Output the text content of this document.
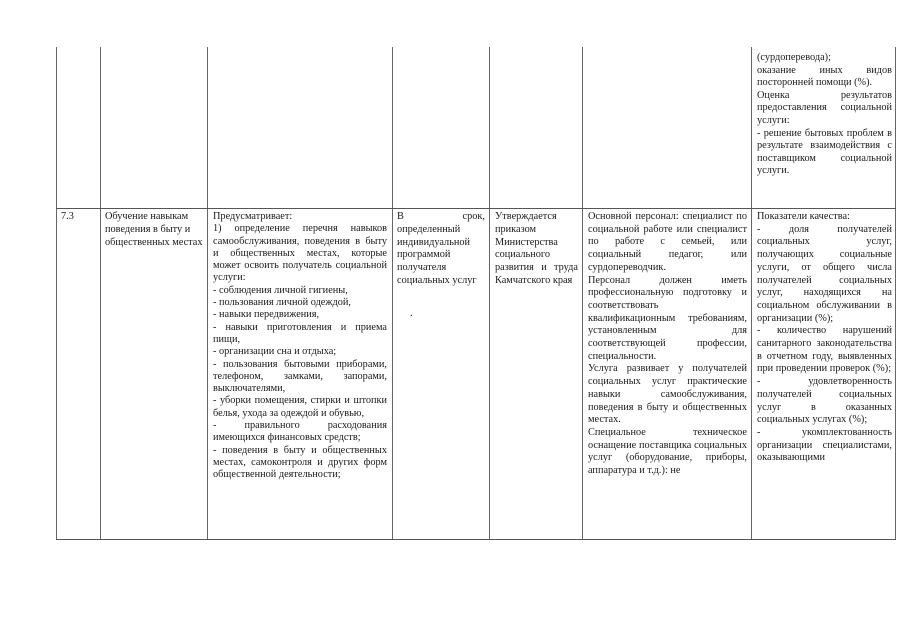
(сурдоперевода);

оказание иных видов посторонней помощи (%).

Оценка результатов предоставления социальной услуги:

- решение бытовых проблем в результате взаимодействия с поставщиком социальной услуги.

7.3	Обучение навыкам поведения в быту и общественных местах

Предусматривает:

1) определение перечня навыков самообслуживания, поведения в быту и общественных местах, которые может освоить получатель социальной услуги:

- соблюдения личной гигиены,

- пользования личной одеждой,

- навыки передвижения,

- навыки приготовления и приема пищи,

- организации сна и отдыха;

- пользования бытовыми приборами, телефоном, замками, запорами, выключателями,

- уборки помещения, стирки и штопки белья, ухода за одеждой и обувью,

- правильного расходования имеющихся финансовых средств;

- поведения в быту и общественных местах, самоконтроля и других форм общественной деятельности;

В срок, определенный индивидуальной программой получателя социальных услуг
.
Утверждается приказом Министерства социального развития и труда Камчатского края

Основной персонал: специалист по социальной работе или специалист по работе с семьей, или социальный педагог, или сурдопереводчик.

Персонал должен иметь профессиональную подготовку и соответствовать квалификационным требованиям, установленным для соответствующей профессии, специальности.

Услуга развивает у получателей социальных услуг практические навыки самообслуживания, поведения в быту и общественных местах.

Специальное техническое оснащение поставщика социальных услуг (оборудование, приборы, аппаратура и т.д.): не

Показатели качества:

- доля получателей социальных услуг, получающих социальные услуги, от общего числа получателей социальных услуг, находящихся на социальном обслуживании в организации (%);

- количество нарушений санитарного законодательства в отчетном году, выявленных при проведении проверок (%);

- удовлетворенность получателей социальных услуг в оказанных социальных услугах (%);

- укомплектованность организации специалистами, оказывающими
